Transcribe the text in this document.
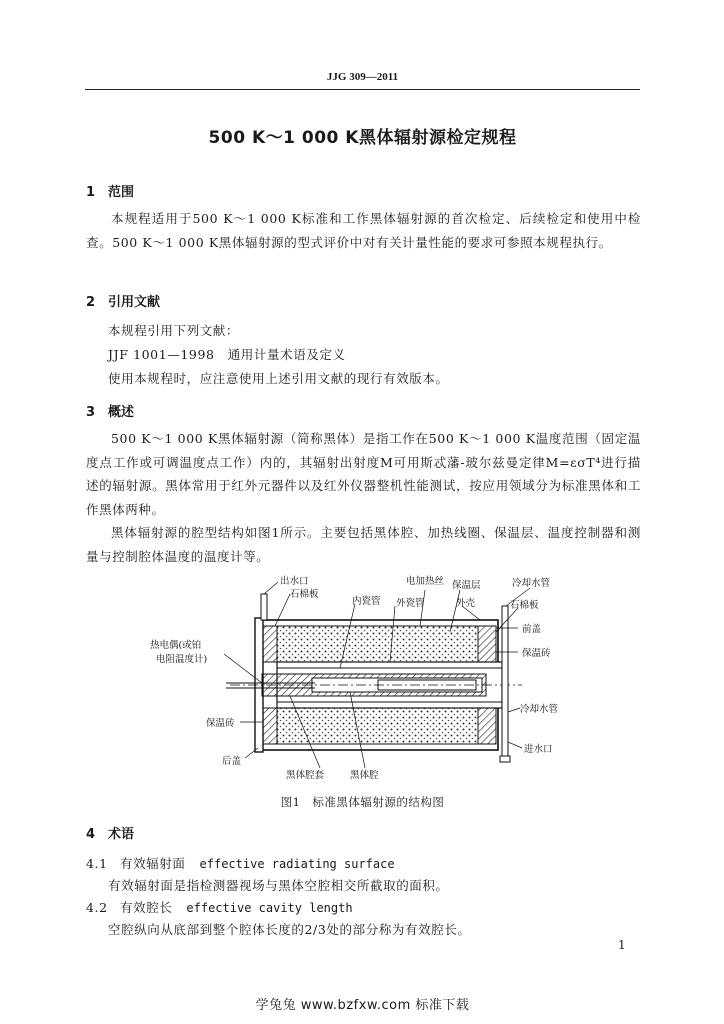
JJG 309—2011
500 K～1 000 K黑体辐射源检定规程
1 范围
本规程适用于500 K～1 000 K标准和工作黑体辐射源的首次检定、后续检定和使用中检查。500 K～1 000 K黑体辐射源的型式评价中对有关计量性能的要求可参照本规程执行。
2 引用文献
本规程引用下列文献：
JJF 1001—1998　通用计量术语及定义
使用本规程时，应注意使用上述引用文献的现行有效版本。
3 概述
500 K～1 000 K黑体辐射源（简称黑体）是指工作在500 K～1 000 K温度范围（固定温度点工作或可调温度点工作）内的，其辐射出射度M可用斯忒藩-玻尔兹曼定律M=εσT⁴进行描述的辐射源。黑体常用于红外元器件以及红外仪器整机性能测试，按应用领域分为标准黑体和工作黑体两种。
黑体辐射源的腔型结构如图1所示。主要包括黑体腔、加热线圈、保温层、温度控制器和测量与控制腔体温度的温度计等。
出水口
石棉板
内瓷管
电加热丝 保温层
外瓷管	外壳
冷却水管
石棉板
前盖
保温砖
热电偶(或铂
电阻温度计)
保温砖
冷却水管
进水口
后盖
黑体腔套	黑体腔
图1　标准黑体辐射源的结构图
4 术语
4.1 有效辐射面 effective radiating surface
有效辐射面是指检测器视场与黑体空腔相交所截取的面积。
4.2 有效腔长 effective cavity length
空腔纵向从底部到整个腔体长度的2/3处的部分称为有效腔长。
1
学兔兔 www.bzfxw.com 标准下载
